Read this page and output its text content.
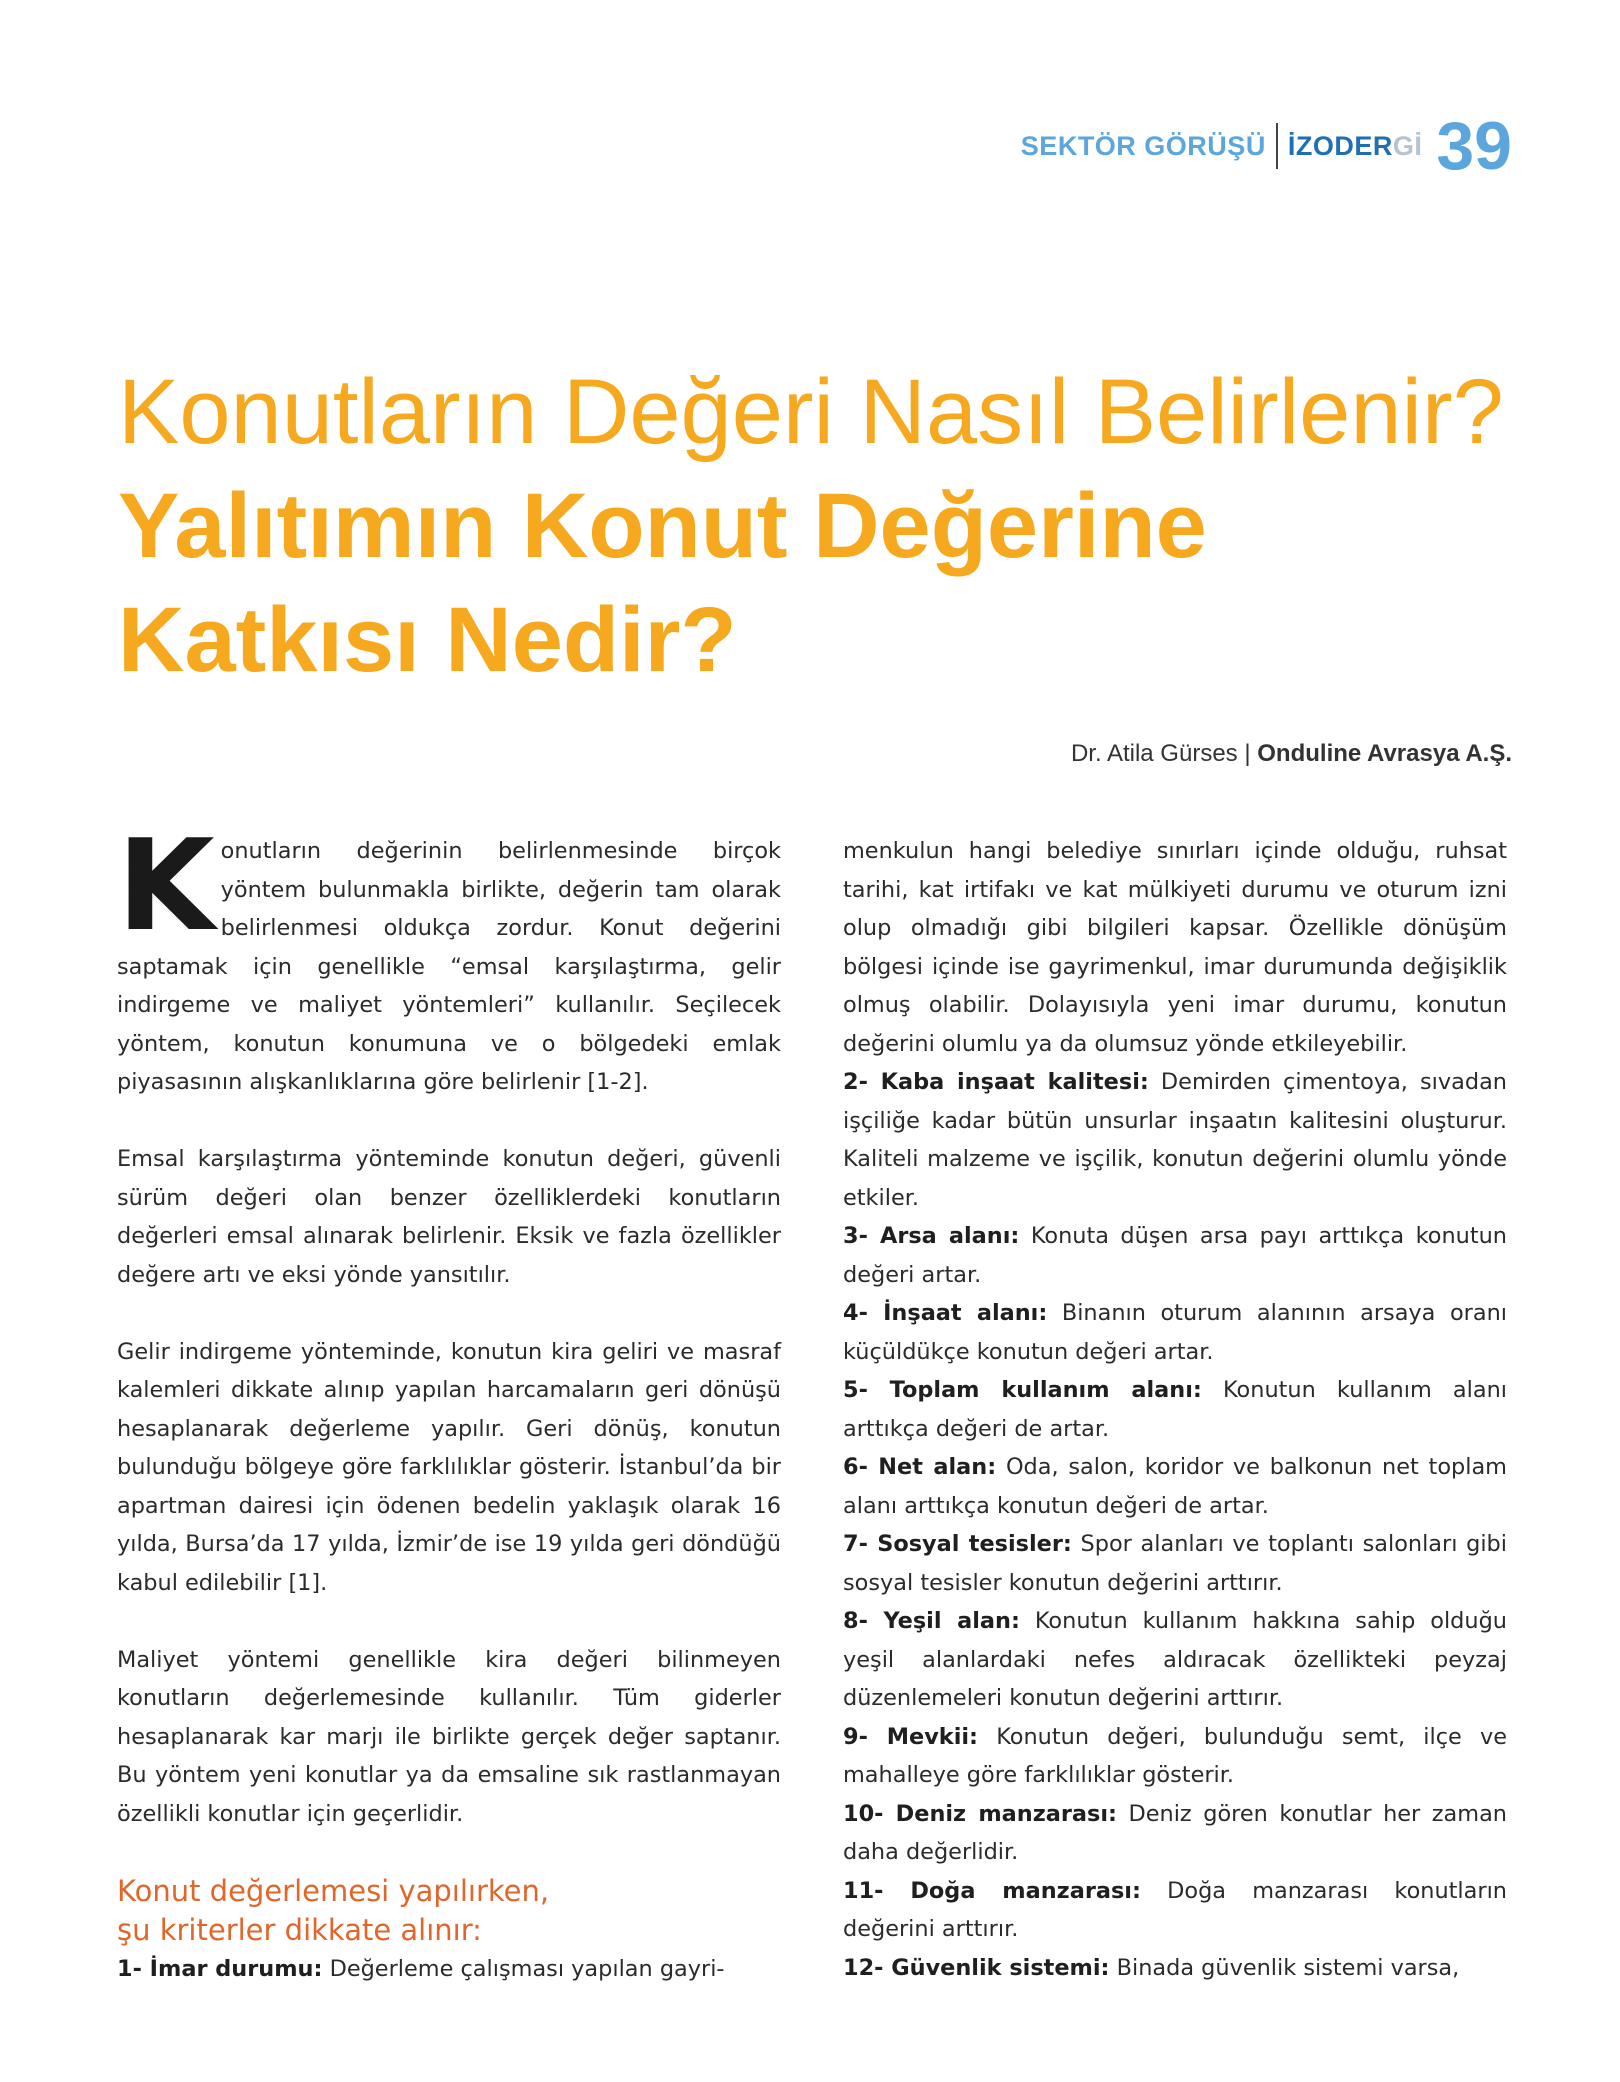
SEKTÖR GÖRÜŞÜ İZODERGİ 39
Konutların Değeri Nasıl Belirlenir? Yalıtımın Konut Değerine Katkısı Nedir?
Dr. Atila Gürses | Onduline Avrasya A.Ş.

Konutların değerinin belirlenmesinde birçok yöntem bulunmakla birlikte, değerin tam olarak belirlenmesi oldukça zordur. Konut değerini saptamak için genellikle “emsal karşılaştırma, gelir indirgeme ve maliyet yöntemleri” kullanılır. Seçilecek yöntem, konutun konumuna ve o bölgedeki emlak piyasasının alışkanlıklarına göre belirlenir [1-2].

Emsal karşılaştırma yönteminde konutun değeri, güvenli sürüm değeri olan benzer özelliklerdeki konutların değerleri emsal alınarak belirlenir. Eksik ve fazla özellikler değere artı ve eksi yönde yansıtılır.

Gelir indirgeme yönteminde, konutun kira geliri ve masraf kalemleri dikkate alınıp yapılan harcamaların geri dönüşü hesaplanarak değerleme yapılır. Geri dönüş, konutun bulunduğu bölgeye göre farklılıklar gösterir. İstanbul’da bir apartman dairesi için ödenen bedelin yaklaşık olarak 16 yılda, Bursa’da 17 yılda, İzmir’de ise 19 yılda geri döndüğü kabul edilebilir [1].

Maliyet yöntemi genellikle kira değeri bilinmeyen konutların değerlemesinde kullanılır. Tüm giderler hesaplanarak kar marjı ile birlikte gerçek değer saptanır. Bu yöntem yeni konutlar ya da emsaline sık rastlanmayan özellikli konutlar için geçerlidir.

Konut değerlemesi yapılırken,
şu kriterler dikkate alınır:

1- İmar durumu: Değerleme çalışması yapılan gayri-

menkulun hangi belediye sınırları içinde olduğu, ruhsat tarihi, kat irtifakı ve kat mülkiyeti durumu ve oturum izni olup olmadığı gibi bilgileri kapsar. Özellikle dönüşüm bölgesi içinde ise gayrimenkul, imar durumunda değişiklik olmuş olabilir. Dolayısıyla yeni imar durumu, konutun değerini olumlu ya da olumsuz yönde etkileyebilir.

2- Kaba inşaat kalitesi: Demirden çimentoya, sıvadan işçiliğe kadar bütün unsurlar inşaatın kalitesini oluşturur. Kaliteli malzeme ve işçilik, konutun değerini olumlu yönde etkiler.

3- Arsa alanı: Konuta düşen arsa payı arttıkça konutun değeri artar.

4- İnşaat alanı: Binanın oturum alanının arsaya oranı küçüldükçe konutun değeri artar.

5- Toplam kullanım alanı: Konutun kullanım alanı arttıkça değeri de artar.

6- Net alan: Oda, salon, koridor ve balkonun net toplam alanı arttıkça konutun değeri de artar.

7- Sosyal tesisler: Spor alanları ve toplantı salonları gibi sosyal tesisler konutun değerini arttırır.

8- Yeşil alan: Konutun kullanım hakkına sahip olduğu yeşil alanlardaki nefes aldıracak özellikteki peyzaj düzenlemeleri konutun değerini arttırır.

9- Mevkii: Konutun değeri, bulunduğu semt, ilçe ve mahalleye göre farklılıklar gösterir.

10- Deniz manzarası: Deniz gören konutlar her zaman daha değerlidir.

11- Doğa manzarası: Doğa manzarası konutların değerini arttırır.

12- Güvenlik sistemi: Binada güvenlik sistemi varsa,
